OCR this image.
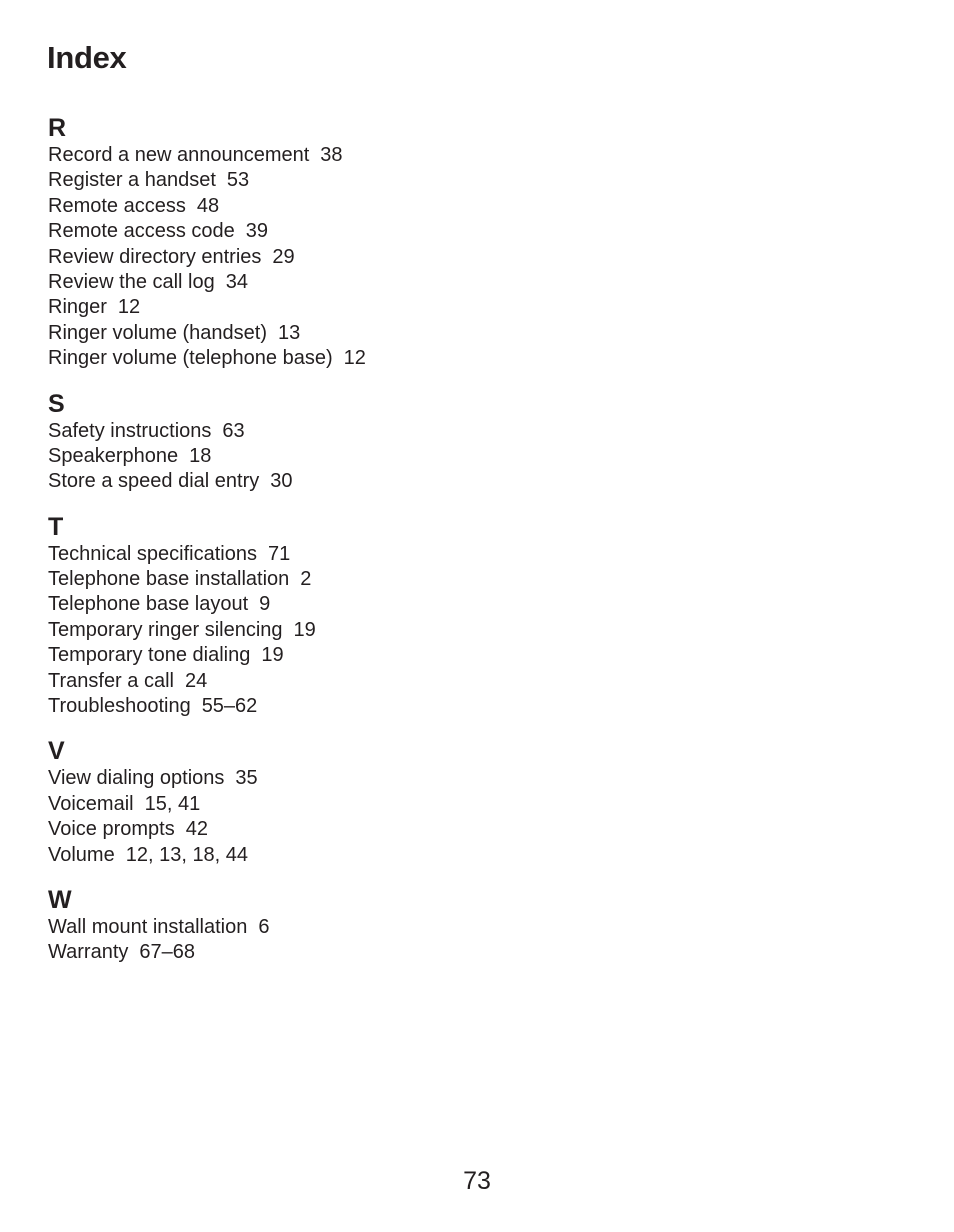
Index
R
Record a new announcement 38
Register a handset 53
Remote access 48
Remote access code 39
Review directory entries 29
Review the call log 34
Ringer 12
Ringer volume (handset) 13
Ringer volume (telephone base) 12
S
Safety instructions 63
Speakerphone 18
Store a speed dial entry 30
T
Technical specifications 71
Telephone base installation 2
Telephone base layout 9
Temporary ringer silencing 19
Temporary tone dialing 19
Transfer a call 24
Troubleshooting 55–62
V
View dialing options 35
Voicemail 15, 41
Voice prompts 42
Volume 12, 13, 18, 44
W
Wall mount installation 6
Warranty 67–68
73
